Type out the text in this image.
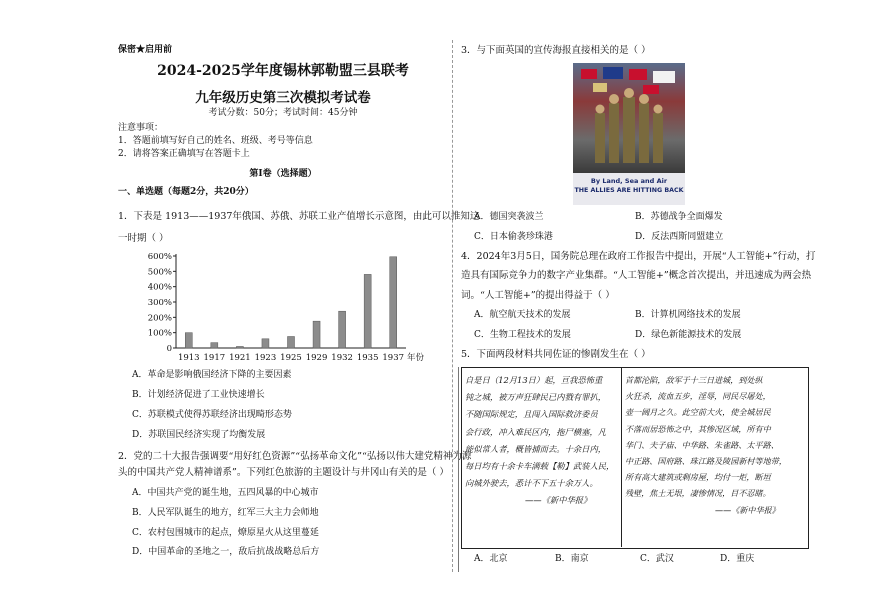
保密★启用前
2024-2025学年度锡林郭勒盟三县联考
九年级历史第三次模拟考试卷
考试分数：50分；考试时间：45分钟
注意事项：
1．答题前填写好自己的姓名、班级、考号等信息
2．请将答案正确填写在答题卡上
第I卷（选择题）
一、单选题（每题2分，共20分）
1．下表是 1913——1937年俄国、苏俄、苏联工业产值增长示意图，由此可以推知这
一时期（ ）
0
100%
200%
300%
400%
500%
600%
1913 1917 1921 1923 1925 1929 1932 1935 1937 年份
A．革命是影响俄国经济下降的主要因素
B．计划经济促进了工业快速增长
C．苏联模式使得苏联经济出现畸形态势
D．苏联国民经济实现了均衡发展
2．党的二十大报告强调要“用好红色资源”“弘扬革命文化”“弘扬以伟大建党精神为源
头的中国共产党人精神谱系”。下列红色旅游的主题设计与井冈山有关的是（ ）
A．中国共产党的诞生地，五四风暴的中心城市
B．人民军队诞生的地方，红军三大主力会师地
C．农村包围城市的起点，燎原星火从这里蔓延
D．中国革命的圣地之一，敌后抗战战略总后方
3．与下面英国的宣传海报直接相关的是（ ）
By Land, Sea and Air
THE ALLIES ARE HITTING BACK
A．德国突袭波兰	B．苏德战争全面爆发
C．日本偷袭珍珠港	D．反法西斯同盟建立
4．2024年3月5日，国务院总理在政府工作报告中提出，开展“人工智能+”行动，打
造具有国际竞争力的数字产业集群。“人工智能+”概念首次提出，并迅速成为两会热
词。“人工智能+”的提出得益于（ ）
A．航空航天技术的发展	B．计算机网络技术的发展
C．生物工程技术的发展	D．绿色新能源技术的发展
5．下面两段材料共同佐证的惨剧发生在（ ）
自是日（12月13日）起，亘我恐怖重
钝之城，被万声狂肆民已内戮有罪扒，
不随国际规定，且闯入国际救济委员
会行政，冲入难民区内，拖尸横塞，凡
能似常人者，概皆捕而去。十余日内，
每日均有十余卡车满载【勒】武装人民，
向城外驶去，悉计不下五十余万人。
——《新中华报》
首都沦陷，敌军于十三日进城，到处纵
火狂杀，流血五步，淫辱，同民尽屠处，
壶一阔月之久。此空前大火，使全城居民
不落而居恐怖之中，其惨况区域，所有中
华门、夫子庙、中华路、朱雀路、太平路、
中正路、国府路、珠江路及陵园新村等地带，
所有高大建筑或剩房屋，均付一炬，断垣
残壁，焦土无垠，凄惨情况，目不忍睹。
——《新中华报》
A．北京	B．南京	C．武汉	D．重庆
